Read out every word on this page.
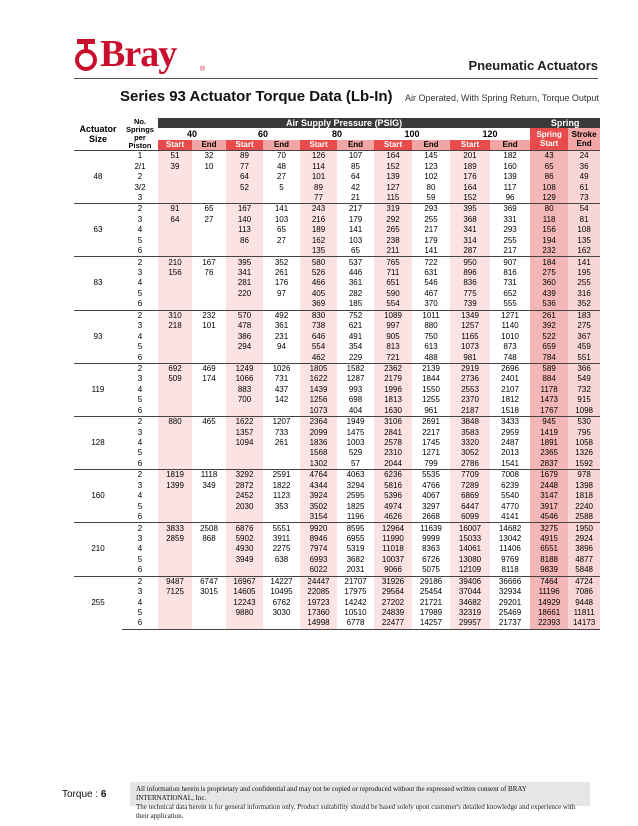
Bray	®	Pneumatic Actuators
Series 93 Actuator Torque Data (Lb-In) Air Operated, With Spring Return, Torque Output
Actuator Size	No. Springs per Piston	Air Supply Pressure (PSIG)										Spring	
		40		60		80		100		120		Spring Start	Stroke End
		Start	End	Start	End	Start	End	Start	End	Start	End		
48	1	51	32	89	70	126	107	164	145	201	182	43	24
	2/1	39	10	77	48	114	85	152	123	189	160	65	36
	2			64	27	101	64	139	102	176	139	86	49
	3/2			52	5	89	42	127	80	164	117	108	61
	3					77	21	115	59	152	96	129	73
63	2	91	65	167	141	243	217	319	293	395	369	80	54
	3	64	27	140	103	216	179	292	255	368	331	118	81
	4			113	65	189	141	265	217	341	293	156	108
	5			86	27	162	103	238	179	314	255	194	135
	6					135	65	211	141	287	217	232	162
83	2	210	167	395	352	580	537	765	722	950	907	184	141
	3	156	76	341	261	526	446	711	631	896	816	275	195
	4			281	176	466	361	651	546	836	731	360	255
	5			220	97	405	282	590	467	775	652	439	316
	6					369	185	554	370	739	555	536	352
93	2	310	232	570	492	830	752	1089	1011	1349	1271	261	183
	3	218	101	478	361	738	621	997	880	1257	1140	392	275
	4			386	231	646	491	905	750	1165	1010	522	367
	5			294	94	554	354	813	613	1073	873	659	459
	6					462	229	721	488	981	748	784	551
119	2	692	469	1249	1026	1805	1582	2362	2139	2919	2696	589	366
	3	509	174	1066	731	1622	1287	2179	1844	2736	2401	884	549
	4			883	437	1439	993	1996	1550	2553	2107	1178	732
	5			700	142	1256	698	1813	1255	2370	1812	1473	915
	6					1073	404	1630	961	2187	1518	1767	1098
128	2	880	465	1622	1207	2364	1949	3106	2691	3848	3433	945	530
	3			1357	733	2099	1475	2841	2217	3583	2959	1419	795
	4			1094	261	1836	1003	2578	1745	3320	2487	1891	1058
	5					1568	529	2310	1271	3052	2013	2365	1326
	6					1302	57	2044	799	2786	1541	2837	1592
160	2	1819	1118	3292	2591	4764	4063	6236	5535	7709	7008	1679	978
	3	1399	349	2872	1822	4344	3294	5816	4766	7289	6239	2448	1398
	4			2452	1123	3924	2595	5396	4067	6869	5540	3147	1818
	5			2030	353	3502	1825	4974	3297	6447	4770	3917	2240
	6					3154	1196	4626	2668	6099	4141	4546	2588
210	2	3833	2508	6876	5551	9920	8595	12964	11639	16007	14682	3275	1950
	3	2859	868	5902	3911	8946	6955	11990	9999	15033	13042	4915	2924
	4			4930	2275	7974	5319	11018	8363	14061	11406	6551	3896
	5			3949	638	6993	3682	10037	6726	13080	9769	8188	4877
	6					6022	2031	9066	5075	12109	8118	9839	5848
255	2	9487	6747	16967	14227	24447	21707	31926	29186	39406	36666	7464	4724
	3	7125	3015	14605	10495	22085	17975	29564	25454	37044	32934	11196	7086
	4			12243	6762	19723	14242	27202	21721	34682	29201	14929	9448
	5			9880	3030	17360	10510	24839	17989	32319	25469	18661	11811
	6					14998	6778	22477	14257	29957	21737	22393	14173
Torque : 6	All information herein is proprietary and confidential and may not be copied or reproduced without the expressed written consent of BRAY INTERNATIONAL, Inc.
The technical data herein is for general information only. Product suitability should be based solely upon customer's detailed knowledge and experience with their application.
